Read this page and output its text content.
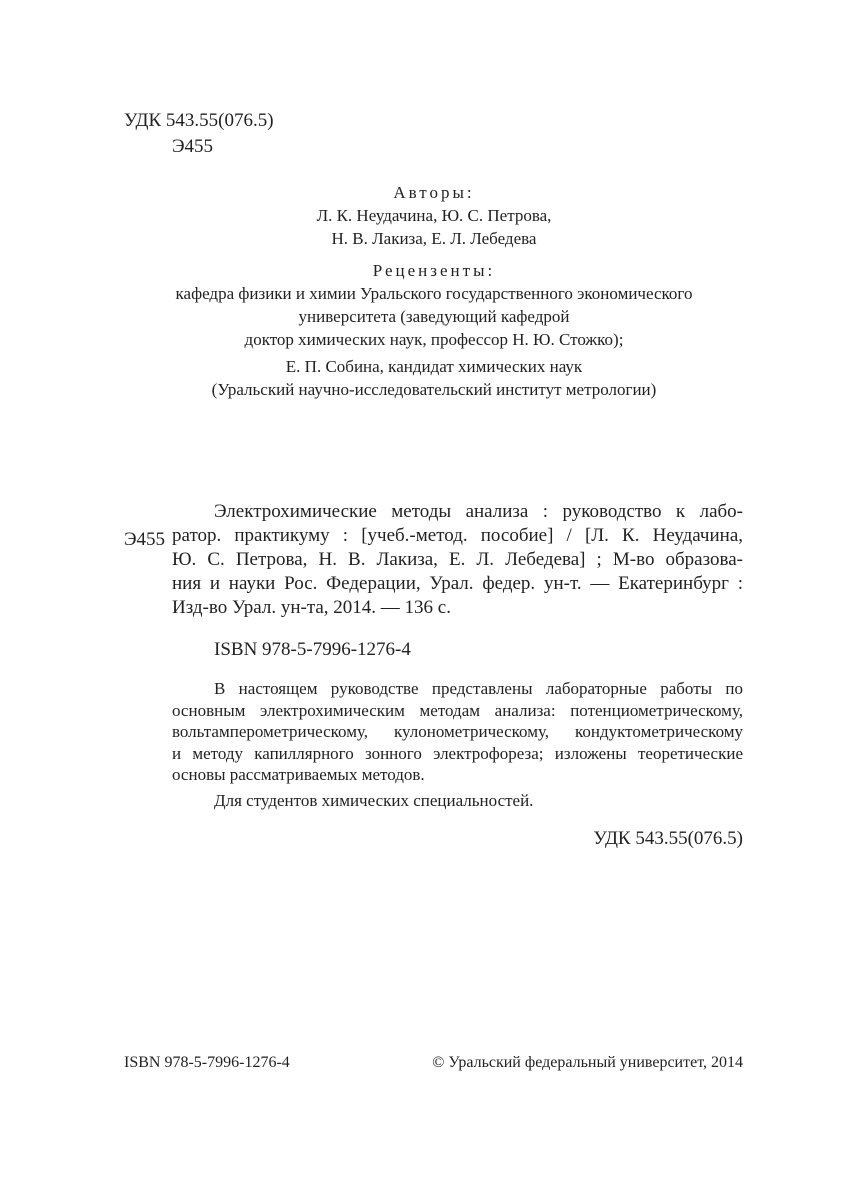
УДК 543.55(076.5)
Э455
Авторы:
Л. К. Неудачина, Ю. С. Петрова,
Н. В. Лакиза, Е. Л. Лебедева
Рецензенты:
кафедра физики и химии Уральского государственного экономического
университета (заведующий кафедрой
доктор химических наук, профессор Н. Ю. Стожко);
Е. П. Собина, кандидат химических наук
(Уральский научно-исследовательский институт метрологии)
Э455
Электрохимические методы анализа : руководство к лабо-
ратор. практикуму : [учеб.-метод. пособие] / [Л. К. Неудачина,
Ю. С. Петрова, Н. В. Лакиза, Е. Л. Лебедева] ; М-во образова-
ния и науки Рос. Федерации, Урал. федер. ун-т. — Екатеринбург :
Изд-во Урал. ун-та, 2014. — 136 с.
ISBN 978-5-7996-1276-4
В настоящем руководстве представлены лабораторные работы по
основным электрохимическим методам анализа: потенциометрическому,
вольтамперометрическому, кулонометрическому, кондуктометрическому
и методу капиллярного зонного электрофореза; изложены теоретические
основы рассматриваемых методов.
Для студентов химических специальностей.
УДК 543.55(076.5)
ISBN 978-5-7996-1276-4	© Уральский федеральный университет, 2014
